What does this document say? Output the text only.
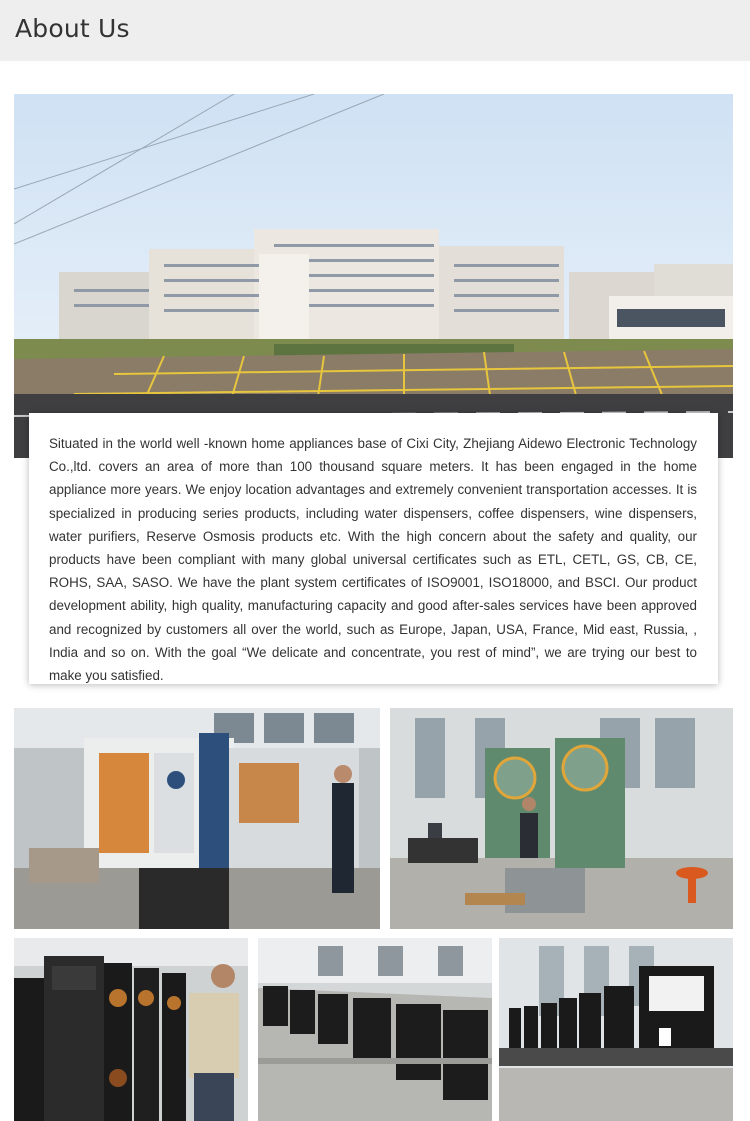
About Us

Situated in the world well -known home appliances base of Cixi City, Zhejiang Aidewo Electronic Technology Co.,ltd. covers an area of more than 100 thousand square meters. It has been engaged in the home appliance more years. We enjoy location advantages and extremely convenient transportation accesses. It is specialized in producing series products, including water dispensers, coffee dispensers, wine dispensers, water purifiers, Reserve Osmosis products etc. With the high concern about the safety and quality, our products have been compliant with many global universal certificates such as ETL, CETL, GS, CB, CE, ROHS, SAA, SASO. We have the plant system certificates of ISO9001, ISO18000, and BSCI. Our product development ability, high quality, manufacturing capacity and good after-sales services have been approved and recognized by customers all over the world, such as Europe, Japan, USA, France, Mid east, Russia, , India and so on. With the goal “We delicate and concentrate, you rest of mind”, we are trying our best to make you satisfied.
